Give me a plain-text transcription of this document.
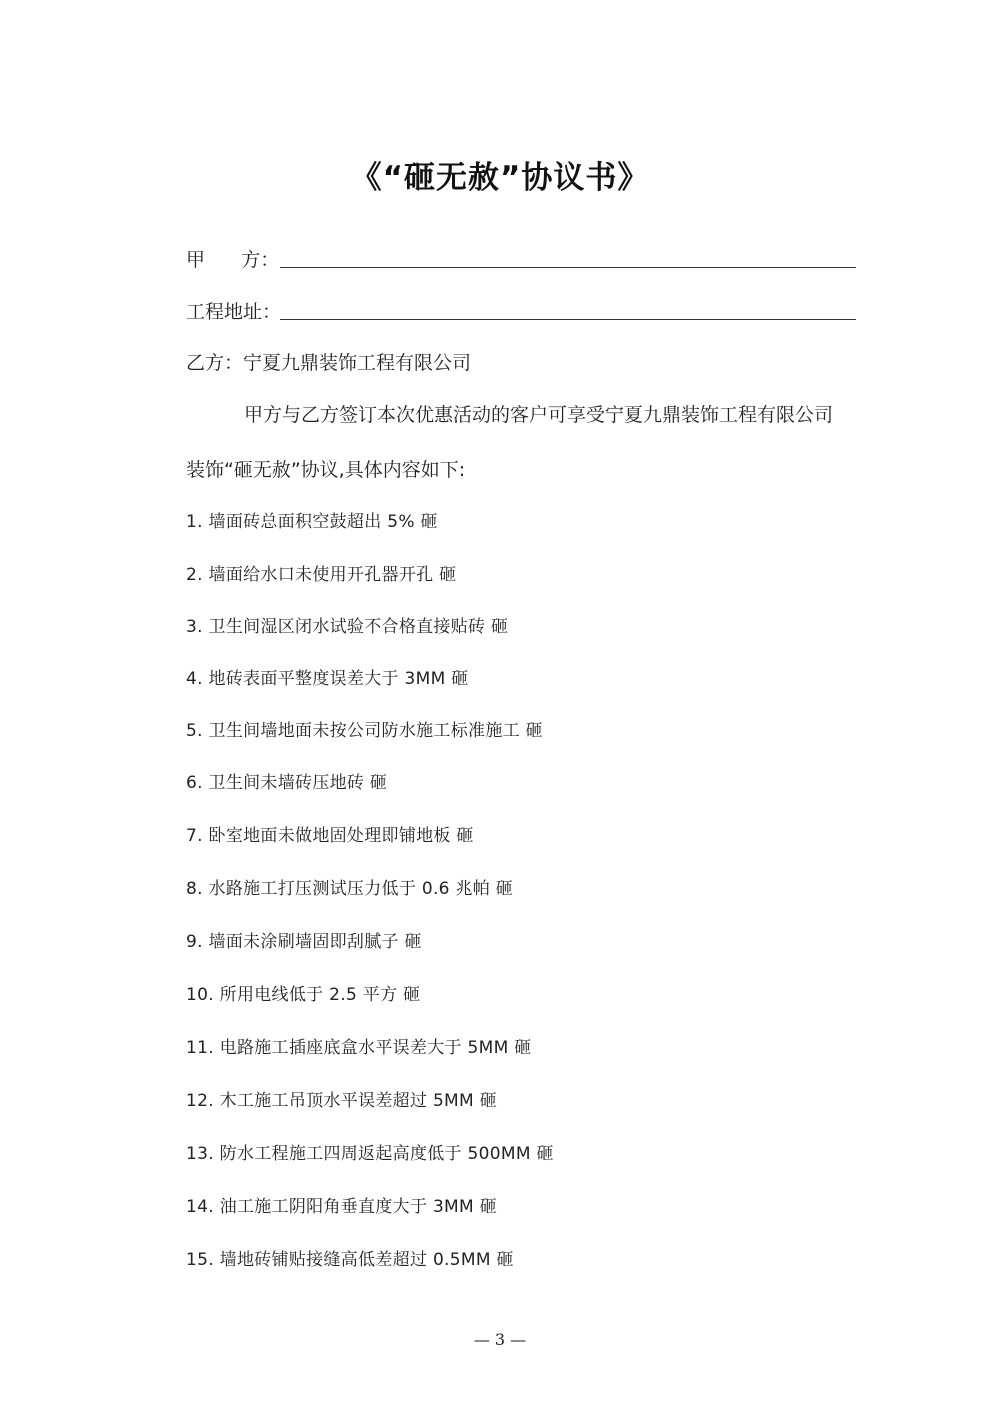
《“砸无赦”协议书》
甲      方：
工程地址：
乙方：宁夏九鼎装饰工程有限公司
甲方与乙方签订本次优惠活动的客户可享受宁夏九鼎装饰工程有限公司
装饰“砸无赦”协议,具体内容如下:
1. 墙面砖总面积空鼓超出 5% 砸
2. 墙面给水口未使用开孔器开孔 砸
3. 卫生间湿区闭水试验不合格直接贴砖 砸
4. 地砖表面平整度误差大于 3MM 砸
5. 卫生间墙地面未按公司防水施工标准施工 砸
6. 卫生间未墙砖压地砖 砸
7. 卧室地面未做地固处理即铺地板 砸
8. 水路施工打压测试压力低于 0.6 兆帕 砸
9. 墙面未涂刷墙固即刮腻子 砸
10. 所用电线低于 2.5 平方 砸
11. 电路施工插座底盒水平误差大于 5MM 砸
12. 木工施工吊顶水平误差超过 5MM 砸
13. 防水工程施工四周返起高度低于 500MM 砸
14. 油工施工阴阳角垂直度大于 3MM 砸
15. 墙地砖铺贴接缝高低差超过 0.5MM 砸
— 3 —
